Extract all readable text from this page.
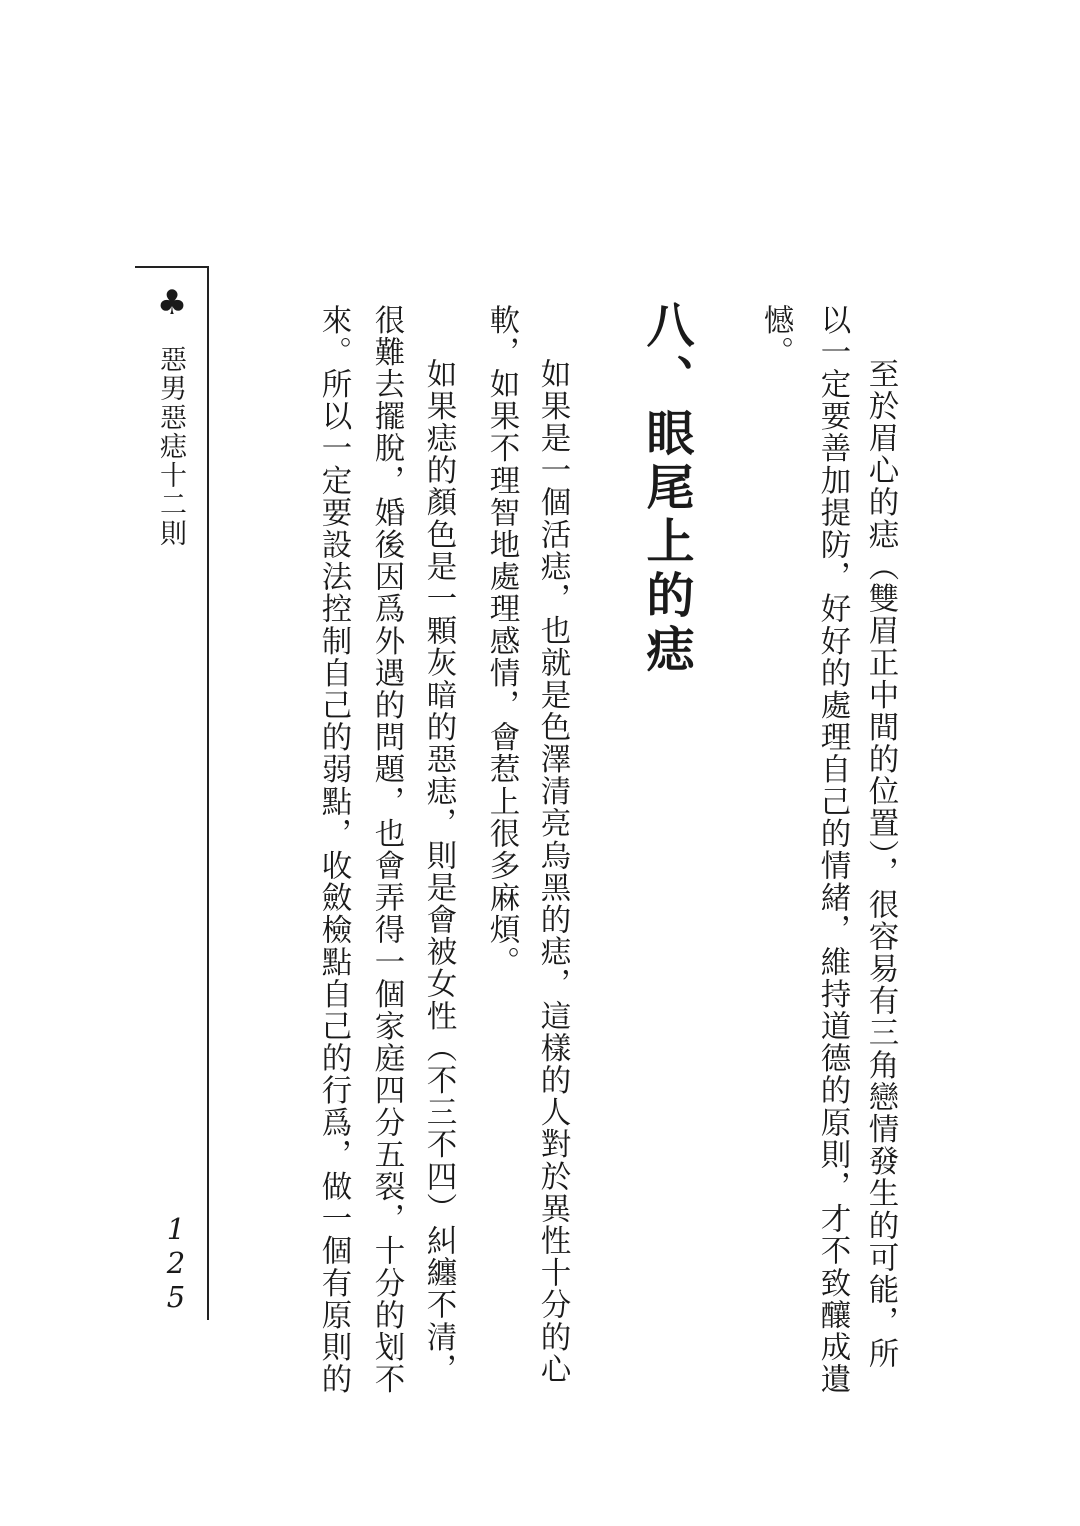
♣
惡男惡痣十二則
125	至於眉心的痣（雙眉正中間的位置），很容易有三角戀情發生的可能，所
以一定要善加提防，好好的處理自己的情緒，維持道德的原則，才不致釀成遺
憾。
八、眼尾上的痣
如果是一個活痣，也就是色澤清亮烏黑的痣，這樣的人對於異性十分的心
軟，如果不理智地處理感情，會惹上很多麻煩。
如果痣的顏色是一顆灰暗的惡痣，則是會被女性（不三不四）糾纏不清，
很難去擺脫，婚後因爲外遇的問題，也會弄得一個家庭四分五裂，十分的划不
來。所以一定要設法控制自己的弱點，收斂檢點自己的行爲，做一個有原則的
